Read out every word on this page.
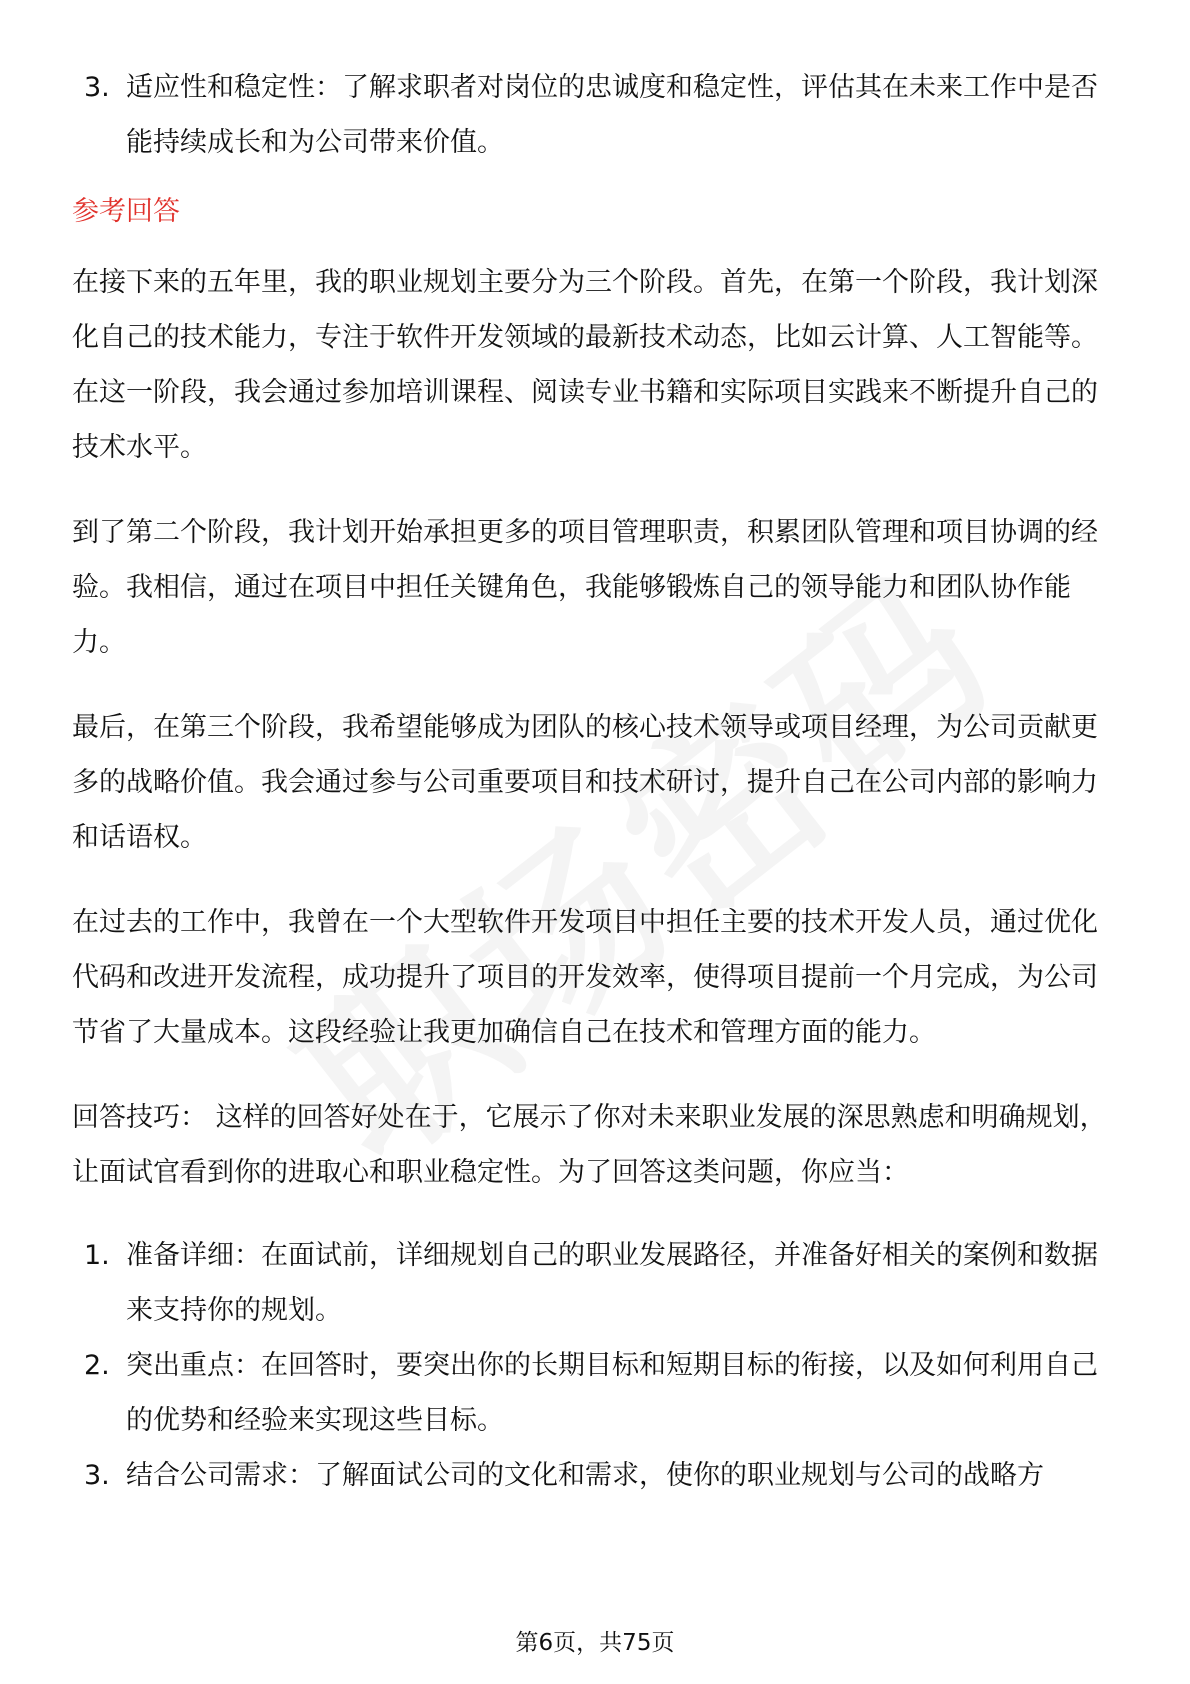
3. 适应性和稳定性：了解求职者对岗位的忠诚度和稳定性，评估其在未来工作中是否能持续成长和为公司带来价值。
参考回答

在接下来的五年里，我的职业规划主要分为三个阶段。首先，在第一个阶段，我计划深化自己的技术能力，专注于软件开发领域的最新技术动态，比如云计算、人工智能等。在这一阶段，我会通过参加培训课程、阅读专业书籍和实际项目实践来不断提升自己的技术水平。

到了第二个阶段，我计划开始承担更多的项目管理职责，积累团队管理和项目协调的经验。我相信，通过在项目中担任关键角色，我能够锻炼自己的领导能力和团队协作能力。

最后，在第三个阶段，我希望能够成为团队的核心技术领导或项目经理，为公司贡献更多的战略价值。我会通过参与公司重要项目和技术研讨，提升自己在公司内部的影响力和话语权。

在过去的工作中，我曾在一个大型软件开发项目中担任主要的技术开发人员，通过优化代码和改进开发流程，成功提升了项目的开发效率，使得项目提前一个月完成，为公司节省了大量成本。这段经验让我更加确信自己在技术和管理方面的能力。

回答技巧： 这样的回答好处在于，它展示了你对未来职业发展的深思熟虑和明确规划，让面试官看到你的进取心和职业稳定性。为了回答这类问题，你应当：

1. 准备详细：在面试前，详细规划自己的职业发展路径，并准备好相关的案例和数据来支持你的规划。
2. 突出重点：在回答时，要突出你的长期目标和短期目标的衔接，以及如何利用自己的优势和经验来实现这些目标。
3. 结合公司需求：了解面试公司的文化和需求，使你的职业规划与公司的战略方
第6页，共75页
